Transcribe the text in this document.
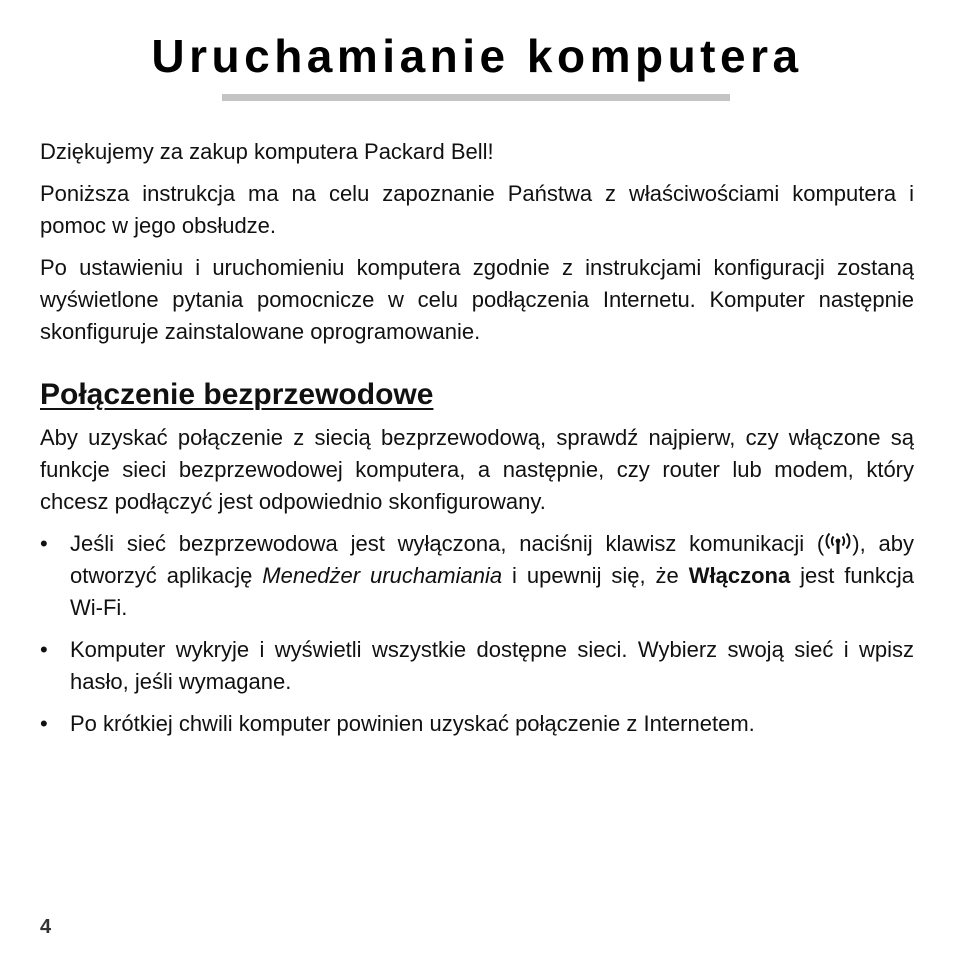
Uruchamianie komputera

Dziękujemy za zakup komputera Packard Bell!

Poniższa instrukcja ma na celu zapoznanie Państwa z właściwościami komputera i pomoc w jego obsłudze.

Po ustawieniu i uruchomieniu komputera zgodnie z instrukcjami konfiguracji zostaną wyświetlone pytania pomocnicze w celu podłączenia Internetu. Komputer następnie skonfiguruje zainstalowane oprogramowanie.

Połączenie bezprzewodowe

Aby uzyskać połączenie z siecią bezprzewodową, sprawdź najpierw, czy włączone są funkcje sieci bezprzewodowej komputera, a następnie, czy router lub modem, który chcesz podłączyć jest odpowiednio skonfigurowany.

• Jeśli sieć bezprzewodowa jest wyłączona, naciśnij klawisz komunikacji ( ), aby otworzyć aplikację Menedżer uruchamiania i upewnij się, że Włączona jest funkcja Wi-Fi.
• Komputer wykryje i wyświetli wszystkie dostępne sieci. Wybierz swoją sieć i wpisz hasło, jeśli wymagane.
• Po krótkiej chwili komputer powinien uzyskać połączenie z Internetem.
4
